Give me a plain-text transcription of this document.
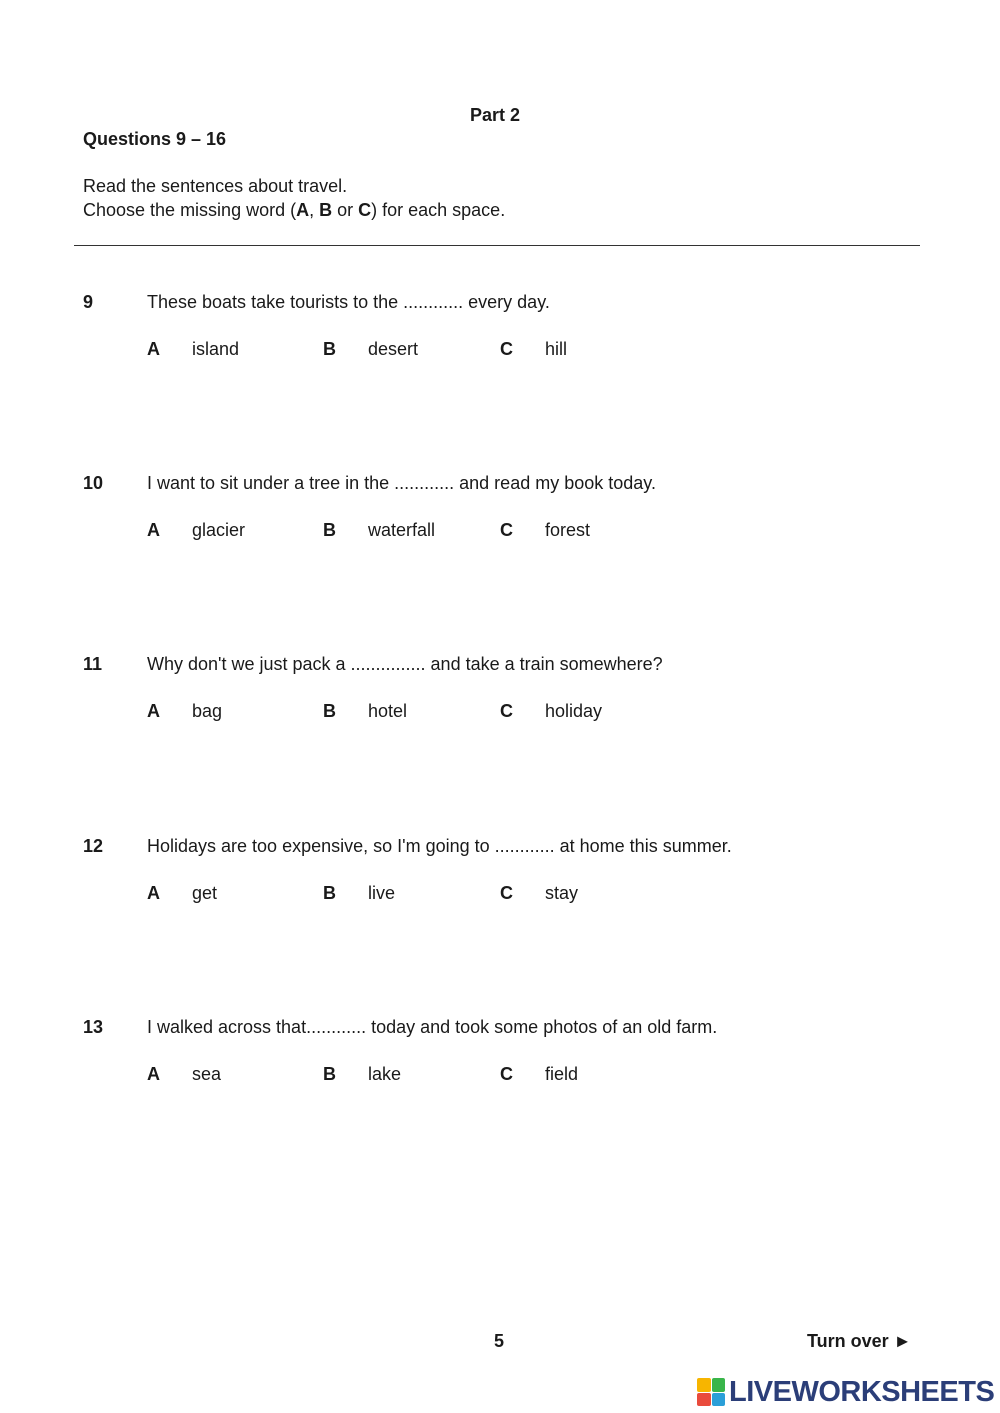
Part 2
Questions 9 – 16
Read the sentences about travel.
Choose the missing word (A, B or C) for each space.
9	These boats take tourists to the ............ every day.
A island	B desert	C hill
10 I want to sit under a tree in the ............ and read my book today.
A glacier	B waterfall	C forest
11 Why don't we just pack a ............... and take a train somewhere?
A bag	B hotel	C holiday
12 Holidays are too expensive, so I'm going to ............ at home this summer.
A get	B live	C stay
13 I walked across that............ today and took some photos of an old farm.
A sea	B lake	C field
5	Turn over ►
LIVEWORKSHEETS
